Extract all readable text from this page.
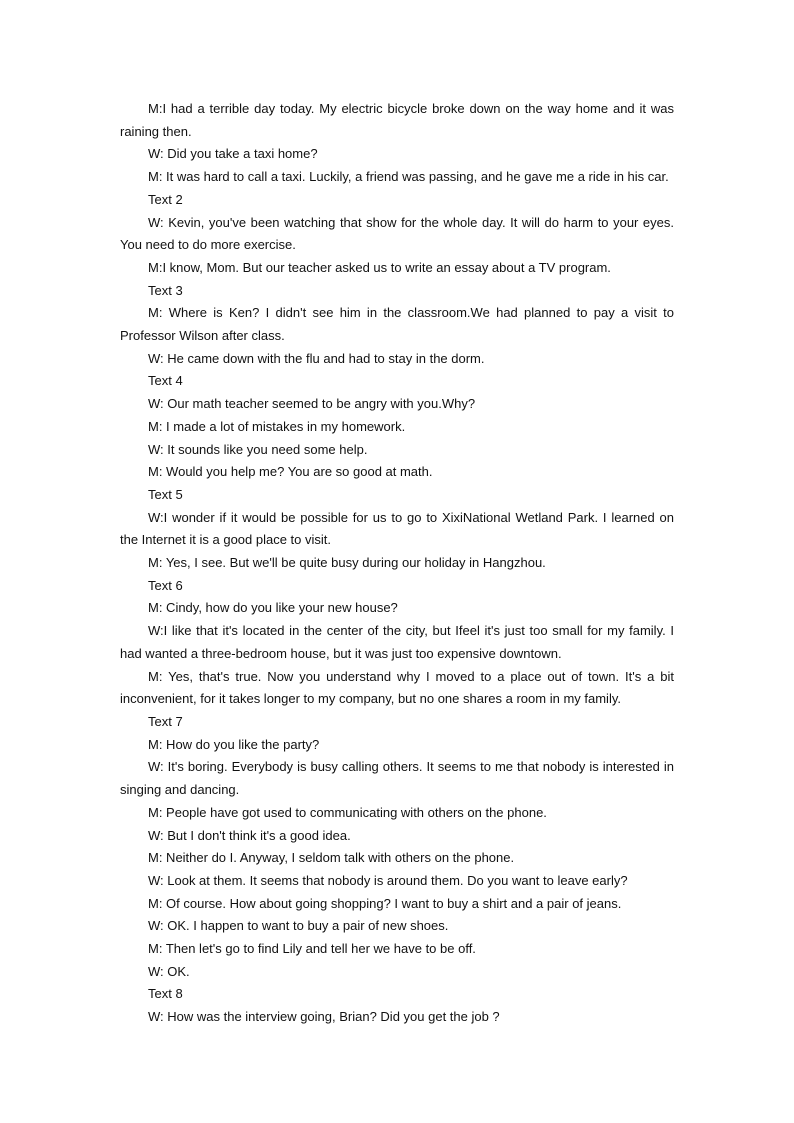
M:I had a terrible day today. My electric bicycle broke down on the way home and it was raining then.

W: Did you take a taxi home?

M: It was hard to call a taxi. Luckily, a friend was passing, and he gave me a ride in his car.

Text 2

W: Kevin, you've been watching that show for the whole day. It will do harm to your eyes. You need to do more exercise.

M:I know, Mom. But our teacher asked us to write an essay about a TV program.

Text 3

M: Where is Ken? I didn't see him in the classroom.We had planned to pay a visit to Professor Wilson after class.

W: He came down with the flu and had to stay in the dorm.

Text 4

W: Our math teacher seemed to be angry with you.Why?

M: I made a lot of mistakes in my homework.

W: It sounds like you need some help.

M: Would you help me? You are so good at math.

Text 5

W:I wonder if it would be possible for us to go to XixiNational Wetland Park. I learned on the Internet it is a good place to visit.

M: Yes, I see. But we'll be quite busy during our holiday in Hangzhou.

Text 6

M: Cindy, how do you like your new house?

W:I like that it's located in the center of the city, but Ifeel it's just too small for my family. I had wanted a three-bedroom house, but it was just too expensive downtown.

M: Yes, that's true. Now you understand why I moved to a place out of town. It's a bit inconvenient, for it takes longer to my company, but no one shares a room in my family.

Text 7

M: How do you like the party?

W: It's boring. Everybody is busy calling others. It seems to me that nobody is interested in singing and dancing.

M: People have got used to communicating with others on the phone.

W: But I don't think it's a good idea.

M: Neither do I. Anyway, I seldom talk with others on the phone.

W: Look at them. It seems that nobody is around them. Do you want to leave early?

M: Of course. How about going shopping? I want to buy a shirt and a pair of jeans.

W: OK. I happen to want to buy a pair of new shoes.

M: Then let's go to find Lily and tell her we have to be off.

W: OK.

Text 8

W: How was the interview going, Brian? Did you get the job ?
